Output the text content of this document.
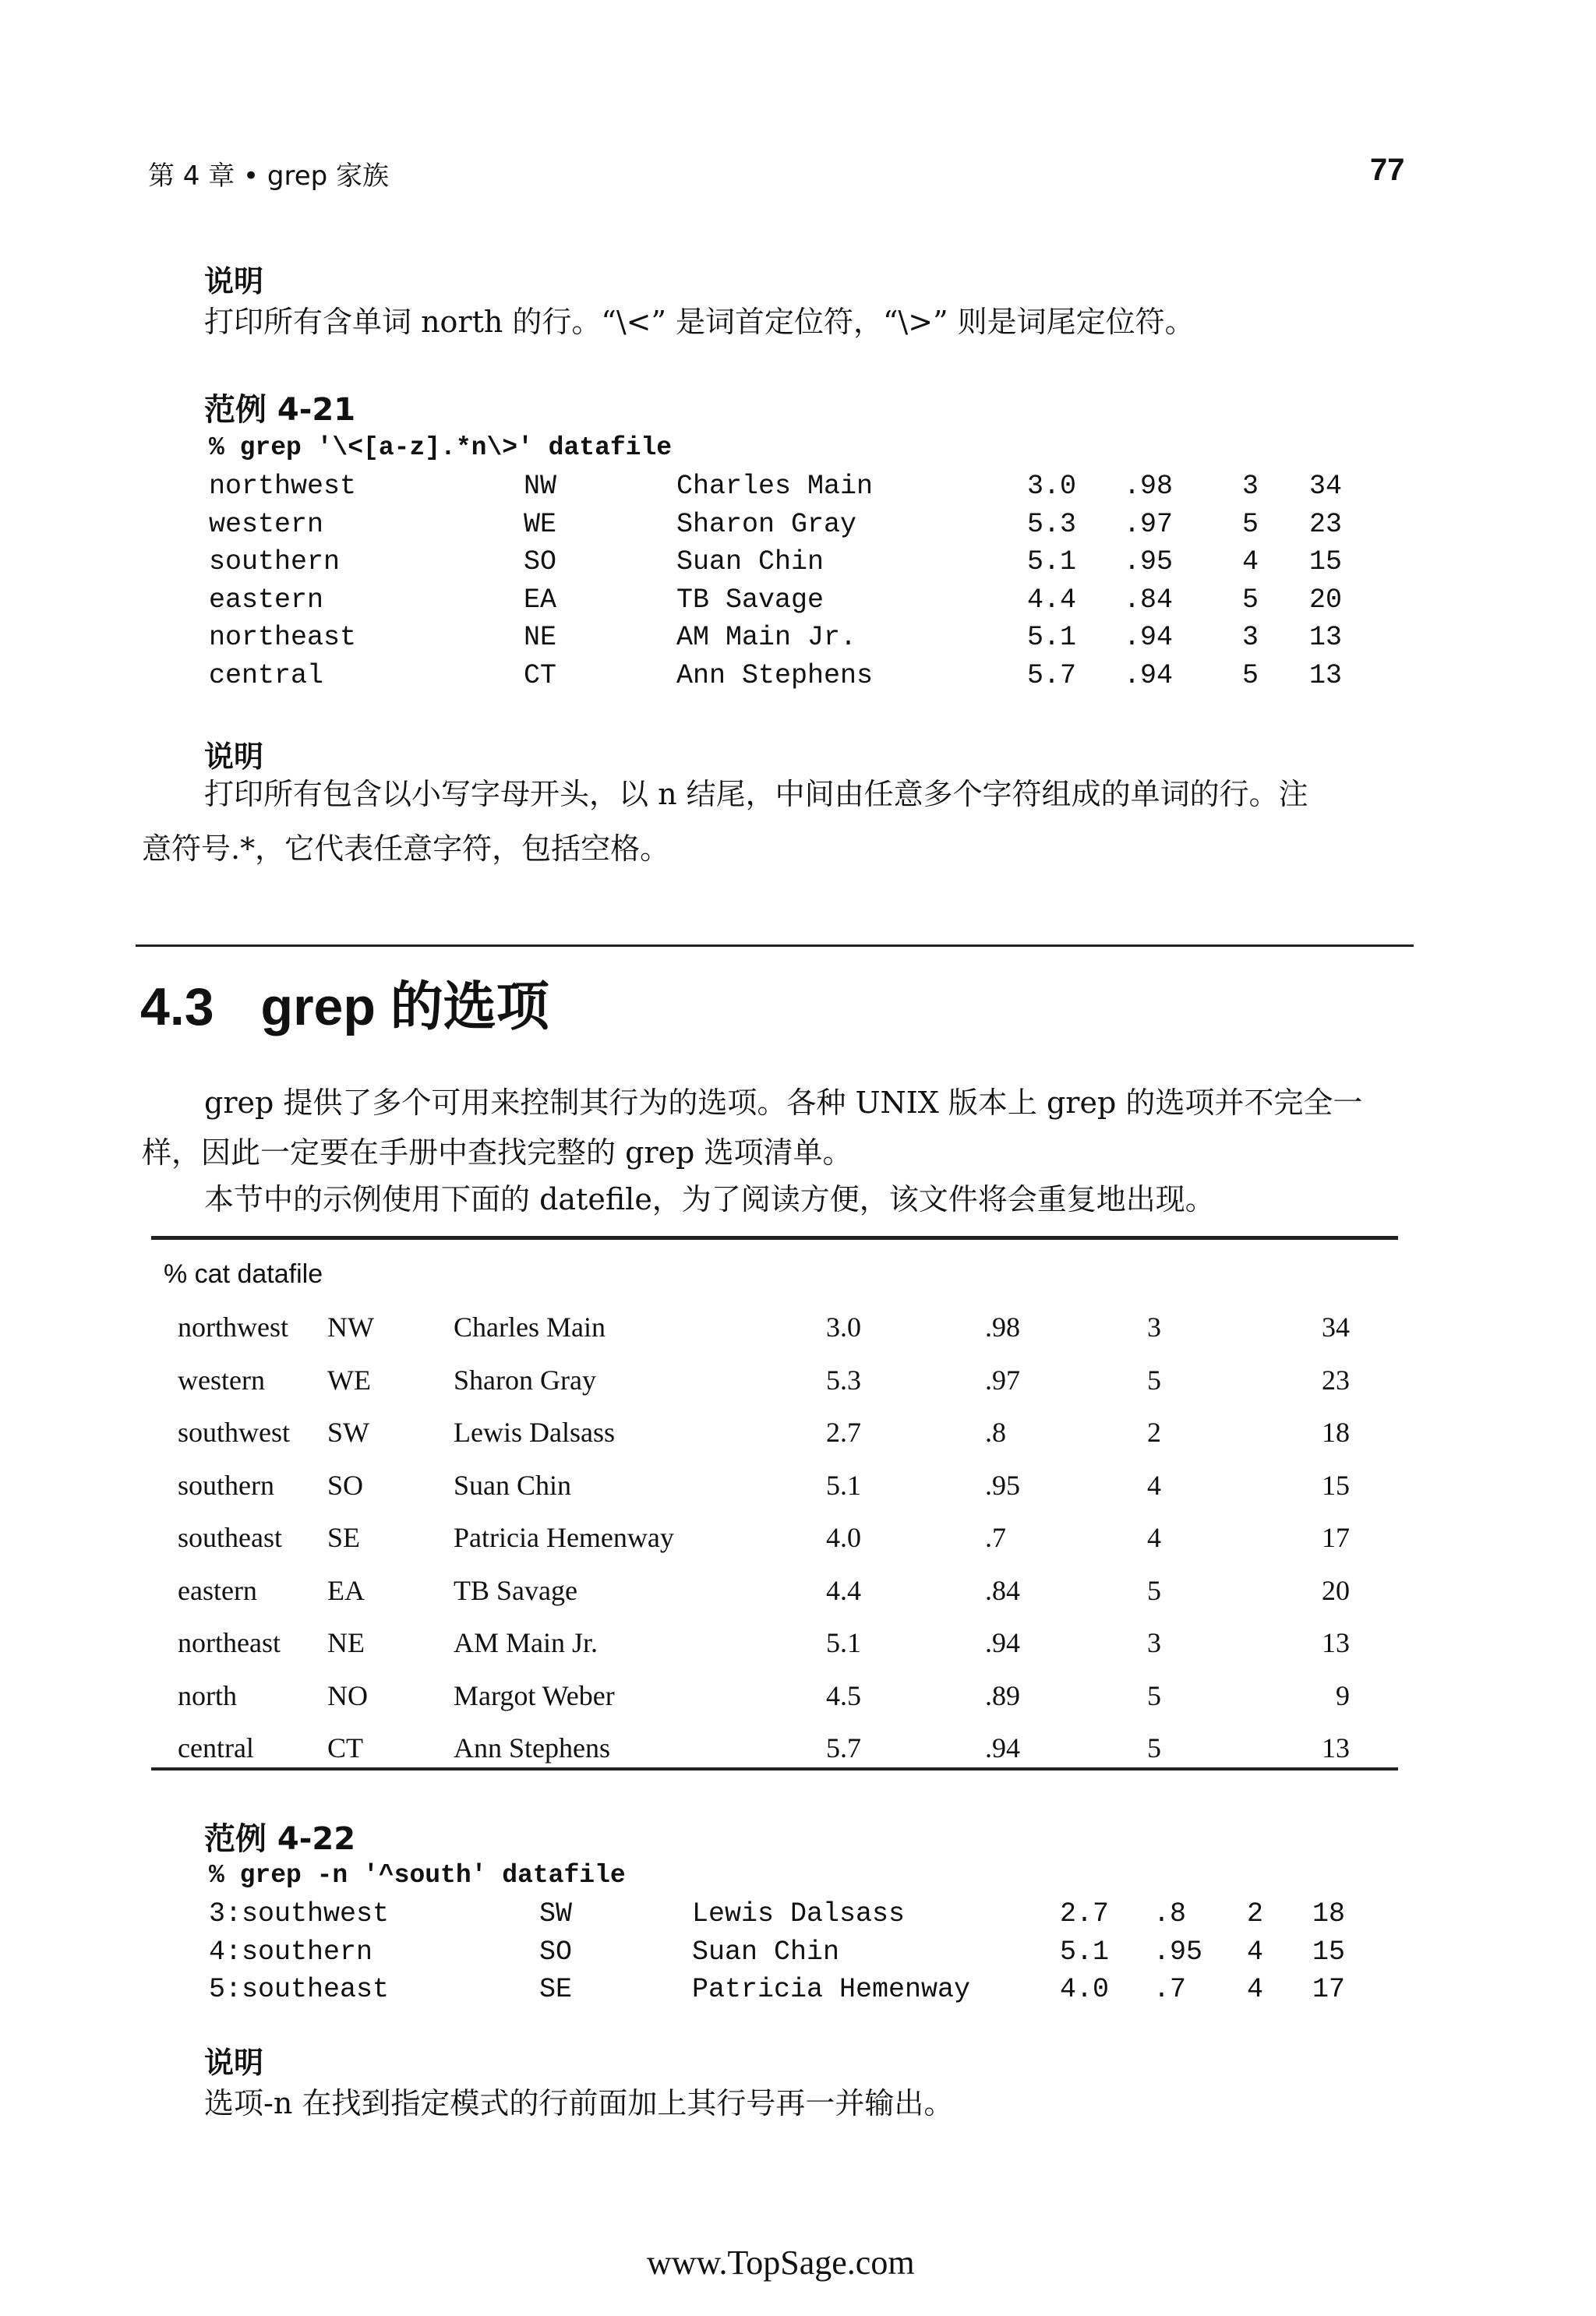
第 4 章 • grep 家族	77
说明
打印所有含单词 north 的行。“\<” 是词首定位符，“\>” 则是词尾定位符。
范例 4-21
% grep '\<[a-z].*n\>' datafile
northwest	NW	Charles Main	3.0 .98	3 34
western	WE	Sharon Gray	5.3 .97	5 23
southern	SO	Suan Chin	5.1 .95	4 15
eastern	EA	TB Savage	4.4 .84	5 20
northeast	NE	AM Main Jr.	5.1 .94	3 13
central	CT	Ann Stephens	5.7 .94	5 13
说明
打印所有包含以小写字母开头，以 n 结尾，中间由任意多个字符组成的单词的行。注
意符号.*，它代表任意字符，包括空格。
4.3 grep 的选项
grep 提供了多个可用来控制其行为的选项。各种 UNIX 版本上 grep 的选项并不完全一
样，因此一定要在手册中查找完整的 grep 选项清单。
本节中的示例使用下面的 datefile，为了阅读方便，该文件将会重复地出现。
% cat datafile
northwest NW	Charles Main	3.0	.98	3	34
western WE	Sharon Gray	5.3	.97	5	23
southwest SW	Lewis Dalsass	2.7	.8	2	18
southern SO	Suan Chin	5.1	.95	4	15
southeast SE	Patricia Hemenway	4.0	.7	4	17
eastern	EA	TB Savage	4.4	.84	5	20
northeast NE	AM Main Jr.	5.1	.94	3	13
north	NO	Margot Weber	4.5	.89	5	9
central	CT	Ann Stephens	5.7	.94	5	13
范例 4-22
% grep -n '^south' datafile
3:southwest	SW	Lewis Dalsass	2.7 .8 2 18
4:southern	SO	Suan Chin	5.1 .95 4 15
5:southeast	SE	Patricia Hemenway	4.0 .7 4 17
说明
选项-n 在找到指定模式的行前面加上其行号再一并输出。
www.TopSage.com
